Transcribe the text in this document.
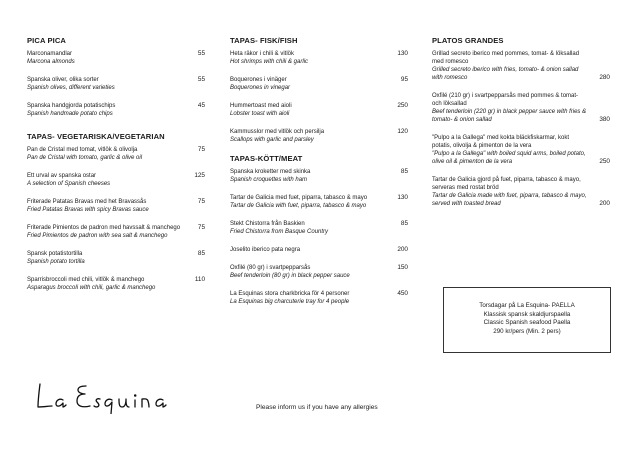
PICA PICA
Marconamandlar
Marcona almonds
55
Spanska oliver, olika sorter
Spanish olives, different varieties
55
Spanska handgjorda potatischips
Spanish handmade potato chips
45
TAPAS- VEGETARISKA/VEGETARIAN
Pan de Cristal med tomat, vitlök & olivolja
Pan de Cristal with tomato, garlic & olive oil
75
Ett urval av spanska ostar
A selection of Spanish cheeses
125
Friterade Patatas Bravas med het Bravassås
Fried Patatas Bravas with spicy Bravas sauce
75
Friterade Pimientos de padron med havssalt & manchego
Fried Pimientos de padron with sea salt & manchego
75
Spansk potatistortilla
Spanish potato tortilla
85
Sparrisbroccoli med chili, vitlök & manchego
Asparagus broccoli with chili, garlic & manchego
110
TAPAS- FISK/FISH
Heta räkor i chili & vitlök
Hot shrimps with chili & garlic
130
Boquerones i vinäger
Boquerones in vinegar
95
Hummertoast med aioli
Lobster toast with aioli
250
Kammusslor med vitlök och persilja
Scallops with garlic and parsley
120
TAPAS-KÖTT/MEAT
Spanska kroketter med skinka
Spanish croquettes with ham
85
Tartar de Galicia med fuet, piparra, tabasco & mayo
Tartar de Galicia with fuet, piparra, tabasco & mayo
130
Stekt Chistorra från Baskien
Fried Chistorra from Basque Country
85
Joselito iberico pata negra	200
Oxfilé (80 gr) i svartpepparsås
Beef tenderloin (80 gr) in black pepper sauce
150
La Esquinas stora charkbricka för 4 personer
La Esquinas big charcuterie tray for 4 people
450
PLATOS GRANDES
Grillad secreto iberico med pommes, tomat- & löksallad med romesco
Grilled secreto iberico with fries, tomato- & onion sallad with romesco	280
Oxfilé (210 gr) i svartpepparsås med pommes & tomat- och löksallad
Beef tenderloin (220 gr) in black pepper sauce with fries & tomato- & onion sallad	380
"Pulpo a la Gallega" med kokta bläckfiskarmar, kokt potatis, olivolja & pimenton de la vera
"Pulpo a la Gallega" with boiled squid arms, boiled potato, olive oil & pimenton de la vera	250
Tartar de Galicia gjord på fuet, piparra, tabasco & mayo, serveras med rostat bröd
Tartar de Galicia made with fuet, piparra, tabasco & mayo, served with toasted bread	200
Torsdagar på La Esquina- PAELLA
Klassisk spansk skaldjurspaella
Classic Spanish seafood Paella
290 kr/pers (Min. 2 pers)
Please inform us if you have any allergies
